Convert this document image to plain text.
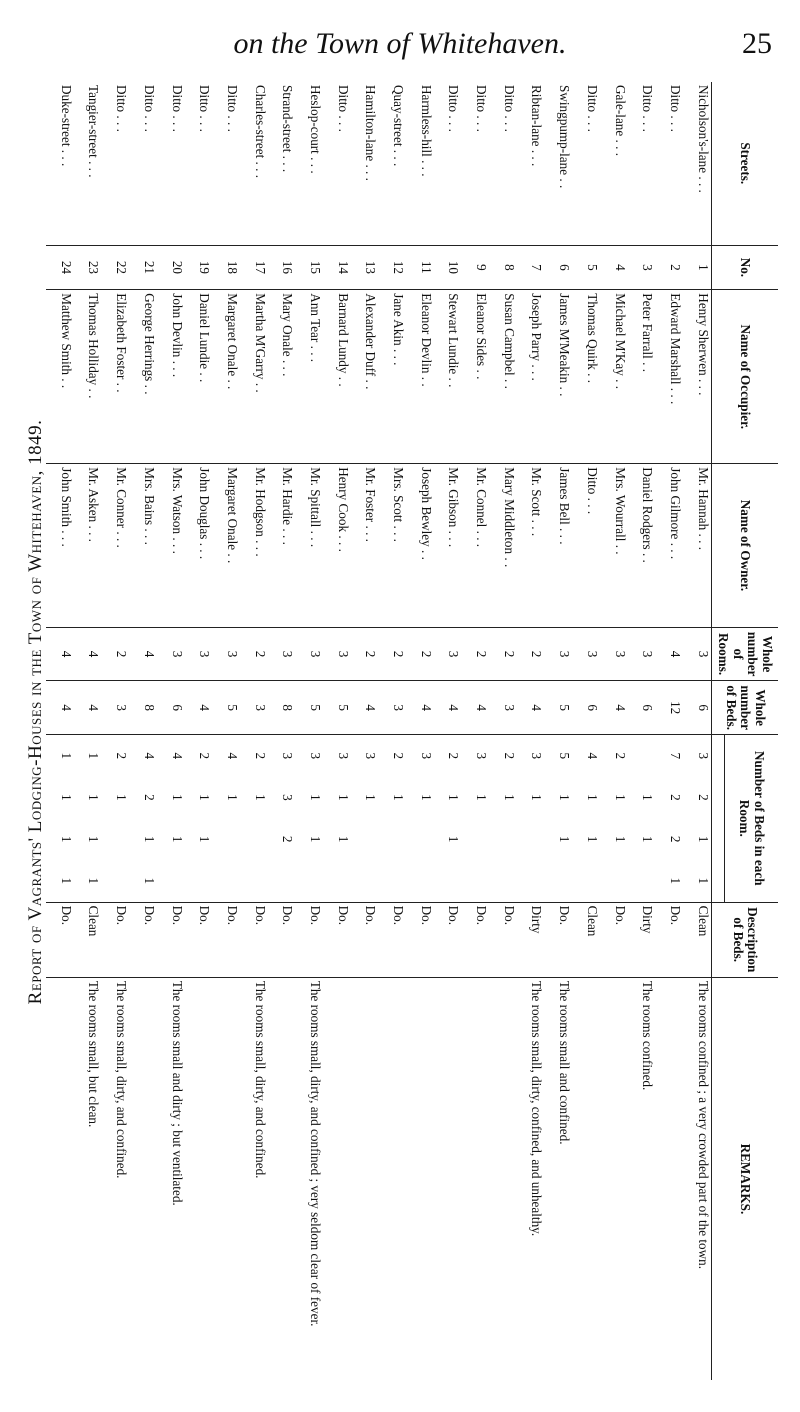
on the Town of Whitehaven.	25
Report of Vagrants' Lodging-Houses in the Town of Whitehaven, 1849.
Streets.	No.	Name of Occupier.	Name of Owner.	Whole number of Rooms.	Whole number of Beds.	Number of Beds in each Room.				Description of Beds.	REMARKS.

Nicholson's-lane . . .	1	Henry Sherwen . . .	Mr. Hannah . . .	3	6	3	2	1	1	Clean	The rooms confined ; a very crowded part of the town.
Ditto . . .	2	Edward Marshall . . .	John Gilmore . . .	4	12	7	2	2	1	Do.	
Ditto . . .	3	Peter Farrall . .	Daniel Rodgers . .	3	6		1	1		Dirty	The rooms confined.
Gale-lane . . .	4	Michael M'Kay . .	Mrs. Wourrall . .	3	4	2	1	1		Do.	
Ditto . . .	5	Thomas Quirk . .	Ditto . . .	3	6	4	1	1		Clean	
Swingpump-lane . .	6	James M'Meakin . .	James Bell . . .	3	5	5	1	1		Do.	The rooms small and confined.
Ribtan-lane . . .	7	Joseph Parry . . .	Mr. Scott . . .	2	4	3	1			Dirty	The rooms small, dirty, confined, and unhealthy.
Ditto . . .	8	Susan Campbel . .	Mary Middleton . .	2	3	2	1			Do.	
Ditto . . .	9	Eleanor Sides . .	Mr. Connel . . .	2	4	3	1			Do.	
Ditto . . .	10	Stewart Lundie . .	Mr. Gibson . . .	3	4	2	1	1		Do.	
Harmless-hill . . .	11	Eleanor Devlin . .	Joseph Bewley . .	2	4	3	1			Do.	
Quay-street . . .	12	Jane Akin . . .	Mrs. Scott . . .	2	3	2	1			Do.	
Hamilton-lane . . .	13	Alexander Duff . .	Mr. Foster . . .	2	4	3	1			Do.	
Ditto . . .	14	Barnard Lundy . .	Henry Cook . . .	3	5	3	1	1		Do.	
Heslop-court . . .	15	Ann Tear . . .	Mr. Spittall . . .	3	5	3	1	1		Do.	The rooms small, dirty, and confined ; very seldom clear of fever.
Strand-street . . .	16	Mary Onale . . .	Mr. Hardie . . .	3	8	3	3	2		Do.	
Charles-street . . .	17	Martha M'Garry . .	Mr. Hodgson . . .	2	3	2	1			Do.	The rooms small, dirty, and confined.
Ditto . . .	18	Margaret Onale . .	Margaret Onale . .	3	5	4	1			Do.	
Ditto . . .	19	Daniel Lundie . .	John Douglas . . .	3	4	2	1	1		Do.	
Ditto . . .	20	John Devlin . . .	Mrs. Watson . . .	3	6	4	1	1		Do.	The rooms small and dirty ; but ventilated.
Ditto . . .	21	George Herrings . .	Mrs. Bains . . .	4	8	4	2	1	1	Do.	
Ditto . . .	22	Elizabeth Foster . .	Mr. Conner . . .	2	3	2	1			Do.	The rooms small, dirty, and confined.
Tangier-street . . .	23	Thomas Holliday . .	Mr. Asken . . .	4	4	1	1	1	1	Clean	The rooms small, but clean.
Duke-street . . .	24	Matthew Smith . .	John Smith . . .	4	4	1	1	1	1	Do.	
